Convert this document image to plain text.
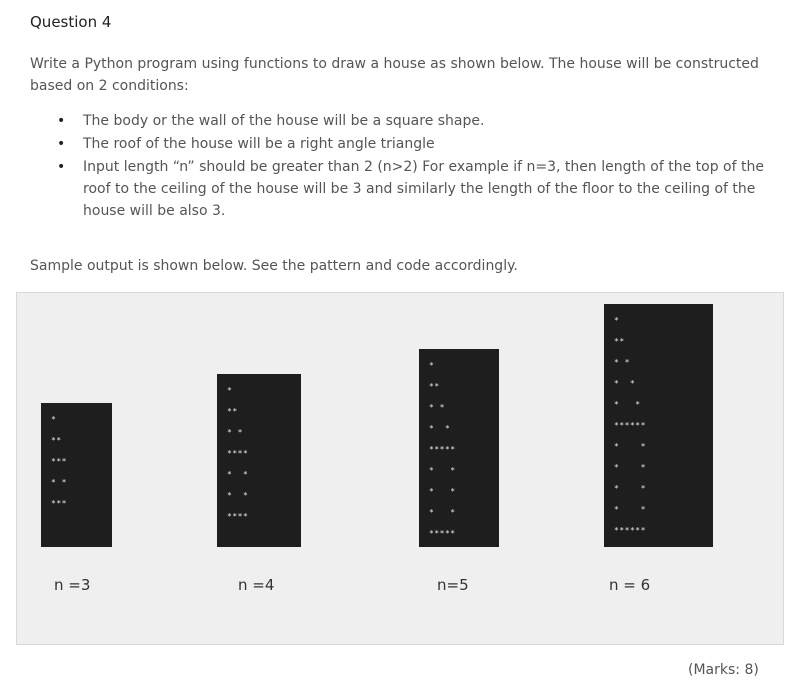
Question 4
Write a Python program using functions to draw a house as shown below. The house will be constructed based on 2 conditions:
• The body or the wall of the house will be a square shape.
• The roof of the house will be a right angle triangle
• Input length “n” should be greater than 2 (n>2) For example if n=3, then length of the top of the roof to the ceiling of the house will be 3 and similarly the length of the floor to the ceiling of the house will be also 3.
Sample output is shown below. See the pattern and code accordingly.
*
**
***
* *
***
*
**
* *
****
*  *
*  *
****
*
**
* *
*  *
*****
*   *
*   *
*   *
*****
*
**
* *
*  *
*   *
******
*    *
*    *
*    *
*    *
******
n =3	n =4	n=5	n = 6
(Marks: 8)
